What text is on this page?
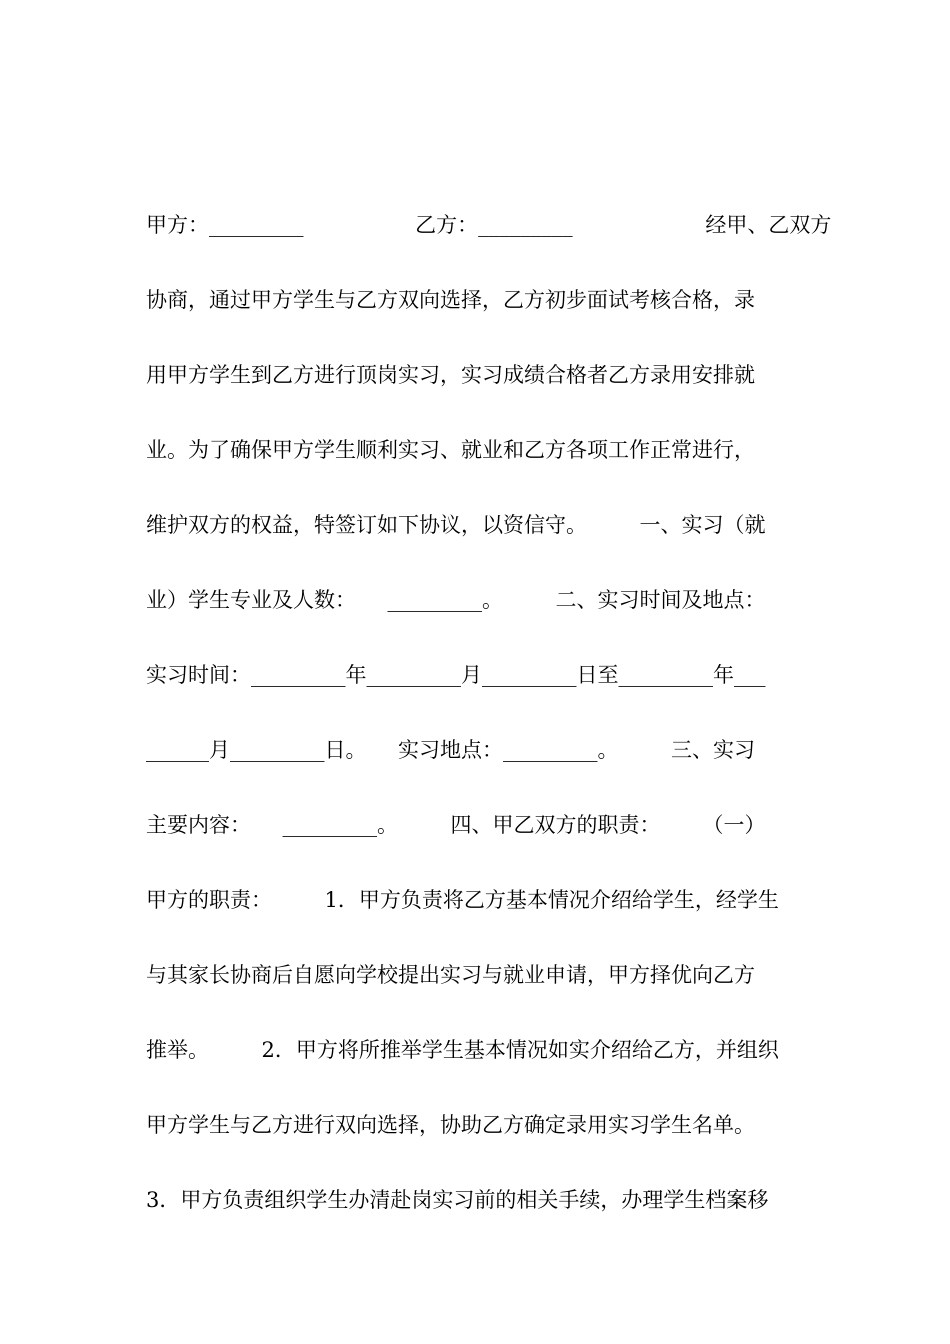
甲方：_________ 　　　　　乙方：_________ 　　　　　　经甲、乙双方
协商，通过甲方学生与乙方双向选择，乙方初步面试考核合格，录
用甲方学生到乙方进行顶岗实习，实习成绩合格者乙方录用安排就
业。为了确保甲方学生顺利实习、就业和乙方各项工作正常进行，
维护双方的权益，特签订如下协议，以资信守。　　　一、实习（就
业）学生专业及人数：　　_________。　　　二、实习时间及地点：
实习时间：_________年_________月_________日至_________年___
______月_________日。　　实习地点：_________。　　　三、实习
主要内容：　　_________。　　　四、甲乙双方的职责：　　　（一）
甲方的职责：　　　1．甲方负责将乙方基本情况介绍给学生，经学生
与其家长协商后自愿向学校提出实习与就业申请，甲方择优向乙方
推举。　　　2．甲方将所推举学生基本情况如实介绍给乙方，并组织
甲方学生与乙方进行双向选择，协助乙方确定录用实习学生名单。
3．甲方负责组织学生办清赴岗实习前的相关手续，办理学生档案移
